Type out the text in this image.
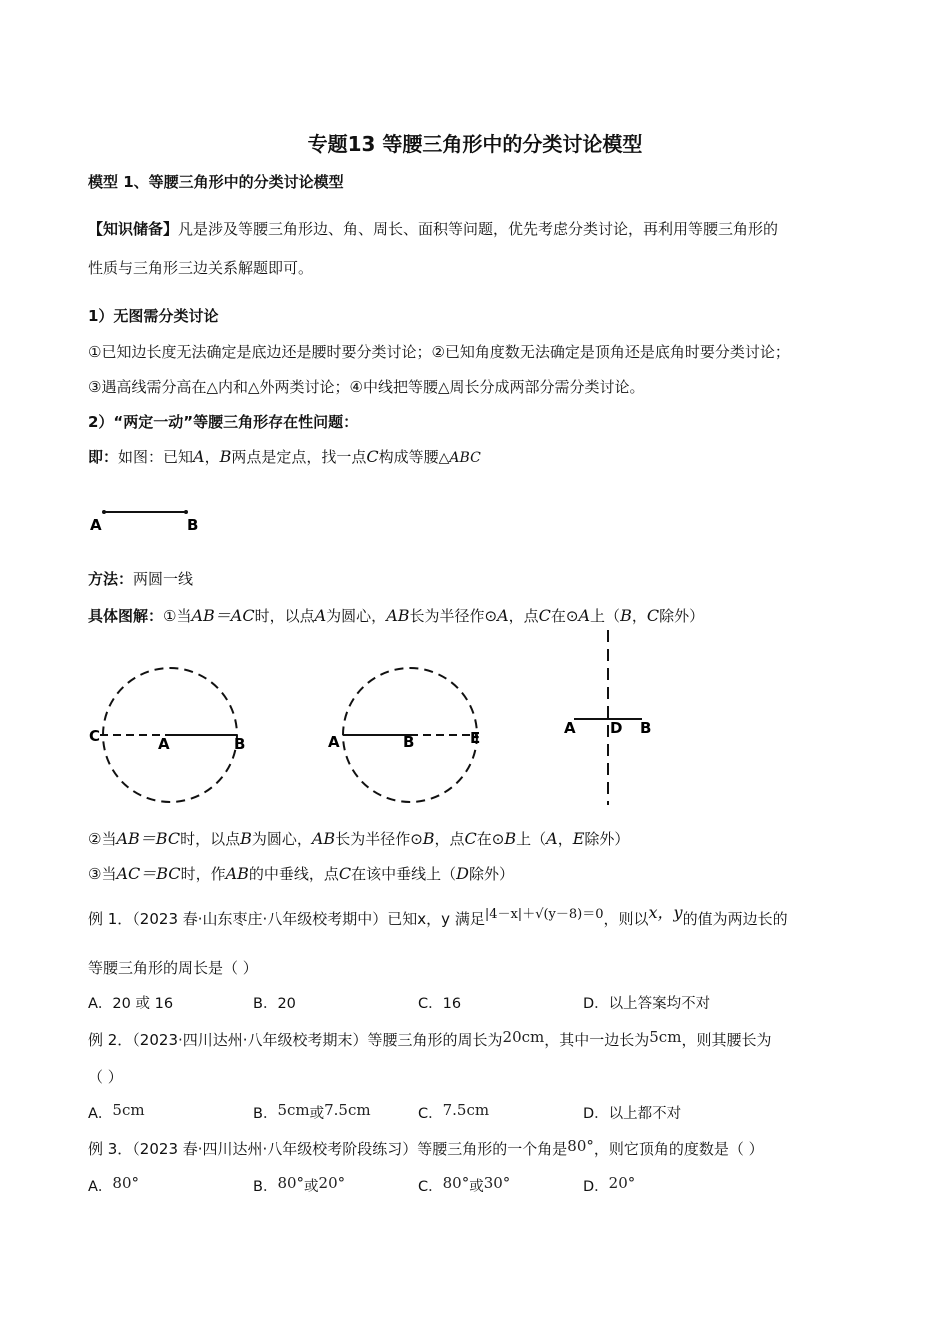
专题13 等腰三角形中的分类讨论模型
模型 1、等腰三角形中的分类讨论模型
【知识储备】凡是涉及等腰三角形边、角、周长、面积等问题，优先考虑分类讨论，再利用等腰三角形的
性质与三角形三边关系解题即可。
1）无图需分类讨论
①已知边长度无法确定是底边还是腰时要分类讨论；②已知角度数无法确定是顶角还是底角时要分类讨论；
③遇高线需分高在△内和△外两类讨论；④中线把等腰△周长分成两部分需分类讨论。
2）“两定一动”等腰三角形存在性问题：
即：如图：已知A，B两点是定点，找一点C构成等腰△ABC
A	B
方法：两圆一线
具体图解：①当AB＝AC时，以点A为圆心，AB长为半径作⊙A，点C在⊙A上（B，C除外）
C	A	B	A	B	E
A D B
②当AB＝BC时，以点B为圆心，AB长为半径作⊙B，点C在⊙B上（A，E除外）
③当AC＝BC时，作AB的中垂线，点C在该中垂线上（D除外）
例 1．（2023 春·山东枣庄·八年级校考期中）已知x，y 满足|4－x|＋√(y－8)＝0，则以x，y的值为两边长的
等腰三角形的周长是（ ）
A．20 或 16	B．20	C．16	D．以上答案均不对
例 2．（2023·四川达州·八年级校考期末）等腰三角形的周长为20cm，其中一边长为5cm，则其腰长为
（ ）
A．5cm	B．5cm或7.5cm	C．7.5cm	D．以上都不对
例 3．（2023 春·四川达州·八年级校考阶段练习）等腰三角形的一个角是80°，则它顶角的度数是（ ）
A．80°	B．80°或20°	C．80°或30°	D．20°
